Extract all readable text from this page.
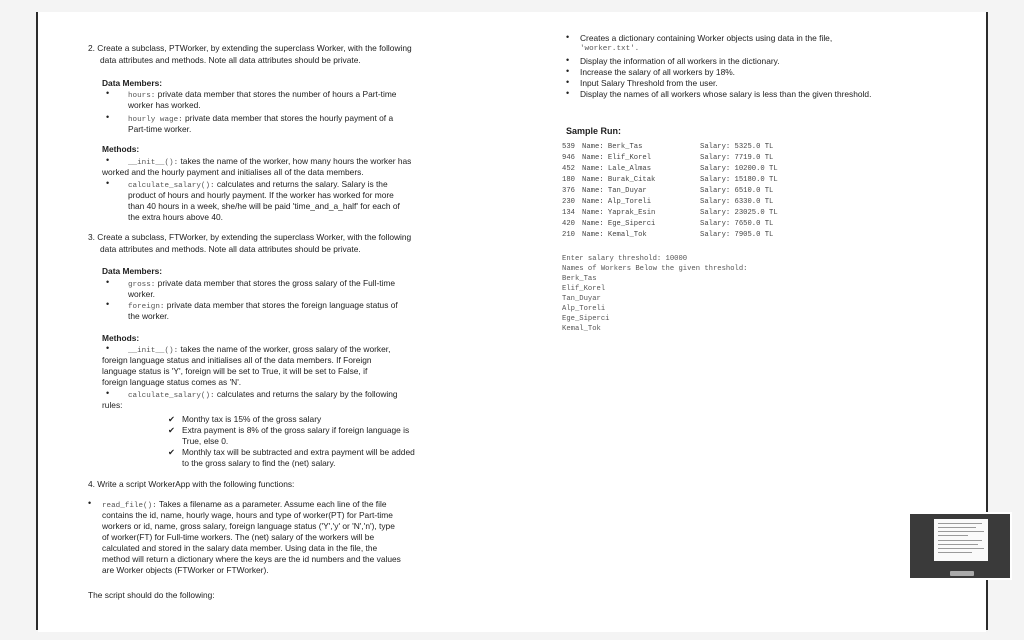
2. Create a subclass, PTWorker, by extending the superclass Worker, with the following
data attributes and methods. Note all data attributes should be private.
Data Members:
• hours: private data member that stores the number of hours a Part-time
worker has worked.
• hourly wage: private data member that stores the hourly payment of a
Part-time worker.
Methods:
• __init__(): takes the name of the worker, how many hours the worker has
worked and the hourly payment and initialises all of the data members.
• calculate_salary(): calculates and returns the salary. Salary is the
product of hours and hourly payment. If the worker has worked for more
than 40 hours in a week, she/he will be paid 'time_and_a_half' for each of
the extra hours above 40.
3. Create a subclass, FTWorker, by extending the superclass Worker, with the following
data attributes and methods. Note all data attributes should be private.
Data Members:
• gross: private data member that stores the gross salary of the Full-time
worker.
• foreign: private data member that stores the foreign language status of
the worker.
Methods:
• __init__(): takes the name of the worker, gross salary of the worker,
foreign language status and initialises all of the data members. If Foreign
language status is 'Y', foreign will be set to True, it will be set to False, if
foreign language status comes as 'N'.
• calculate_salary(): calculates and returns the salary by the following
rules:
✔ Monthy tax is 15% of the gross salary
✔ Extra payment is 8% of the gross salary if foreign language is
True, else 0.
✔ Monthly tax will be subtracted and extra payment will be added
to the gross salary to find the (net) salary.
4. Write a script WorkerApp with the following functions:
• read_file(): Takes a filename as a parameter. Assume each line of the file
contains the id, name, hourly wage, hours and type of worker(PT) for Part-time
workers or id, name, gross salary, foreign language status ('Y','y' or 'N','n'), type
of worker(FT) for Full-time workers. The (net) salary of the workers will be
calculated and stored in the salary data member. Using data in the file, the
method will return a dictionary where the keys are the id numbers and the values
are Worker objects (FTWorker or FTWorker).
The script should do the following:
• Creates a dictionary containing Worker objects using data in the file,
'worker.txt'.
• Display the information of all workers in the dictionary.
• Increase the salary of all workers by 18%.
• Input Salary Threshold from the user.
• Display the names of all workers whose salary is less than the given threshold.
Sample Run:
539 Name: Berk_Tas	Salary: 5325.0 TL
946 Name: Elif_Korel	Salary: 7719.0 TL
452 Name: Lale_Almas	Salary: 10200.0 TL
180 Name: Burak_Citak	Salary: 15180.0 TL
376 Name: Tan_Duyar	Salary: 6510.0 TL
230 Name: Alp_Toreli	Salary: 6330.0 TL
134 Name: Yaprak_Esin	Salary: 23025.0 TL
420 Name: Ege_Siperci	Salary: 7650.0 TL
210 Name: Kemal_Tok	Salary: 7905.0 TL
Enter salary threshold: 10000
Names of Workers Below the given threshold:
Berk_Tas
Elif_Korel
Tan_Duyar
Alp_Toreli
Ege_Siperci
Kemal_Tok
